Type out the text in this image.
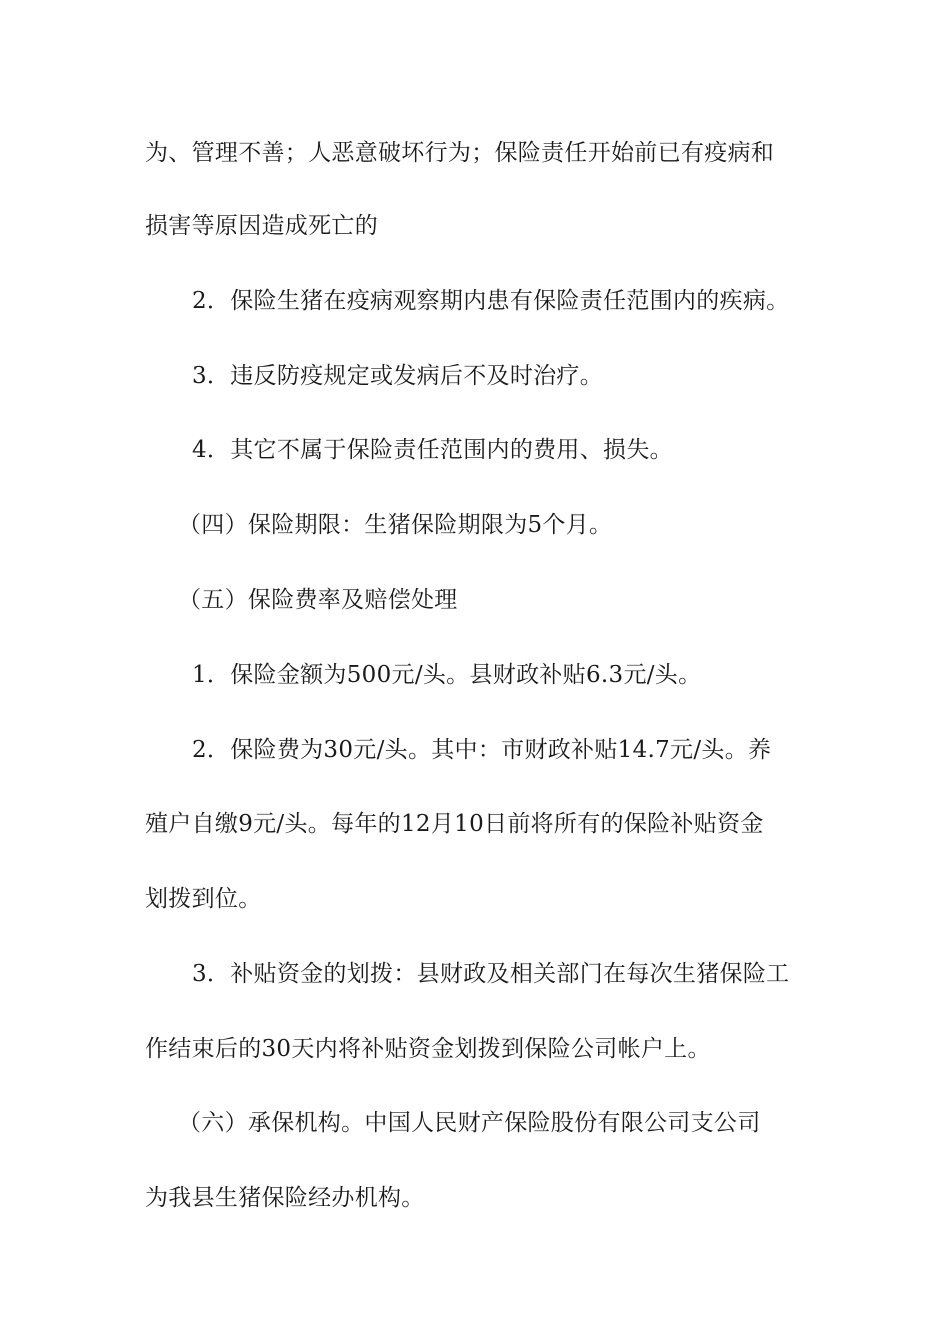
为、管理不善；人恶意破坏行为；保险责任开始前已有疫病和
损害等原因造成死亡的
2．保险生猪在疫病观察期内患有保险责任范围内的疾病。
3．违反防疫规定或发病后不及时治疗。
4．其它不属于保险责任范围内的费用、损失。
（四）保险期限：生猪保险期限为5个月。
（五）保险费率及赔偿处理
1．保险金额为500元/头。县财政补贴6.3元/头。
2．保险费为30元/头。其中：市财政补贴14.7元/头。养
殖户自缴9元/头。每年的12月10日前将所有的保险补贴资金
划拨到位。
3．补贴资金的划拨：县财政及相关部门在每次生猪保险工
作结束后的30天内将补贴资金划拨到保险公司帐户上。
（六）承保机构。中国人民财产保险股份有限公司支公司
为我县生猪保险经办机构。
